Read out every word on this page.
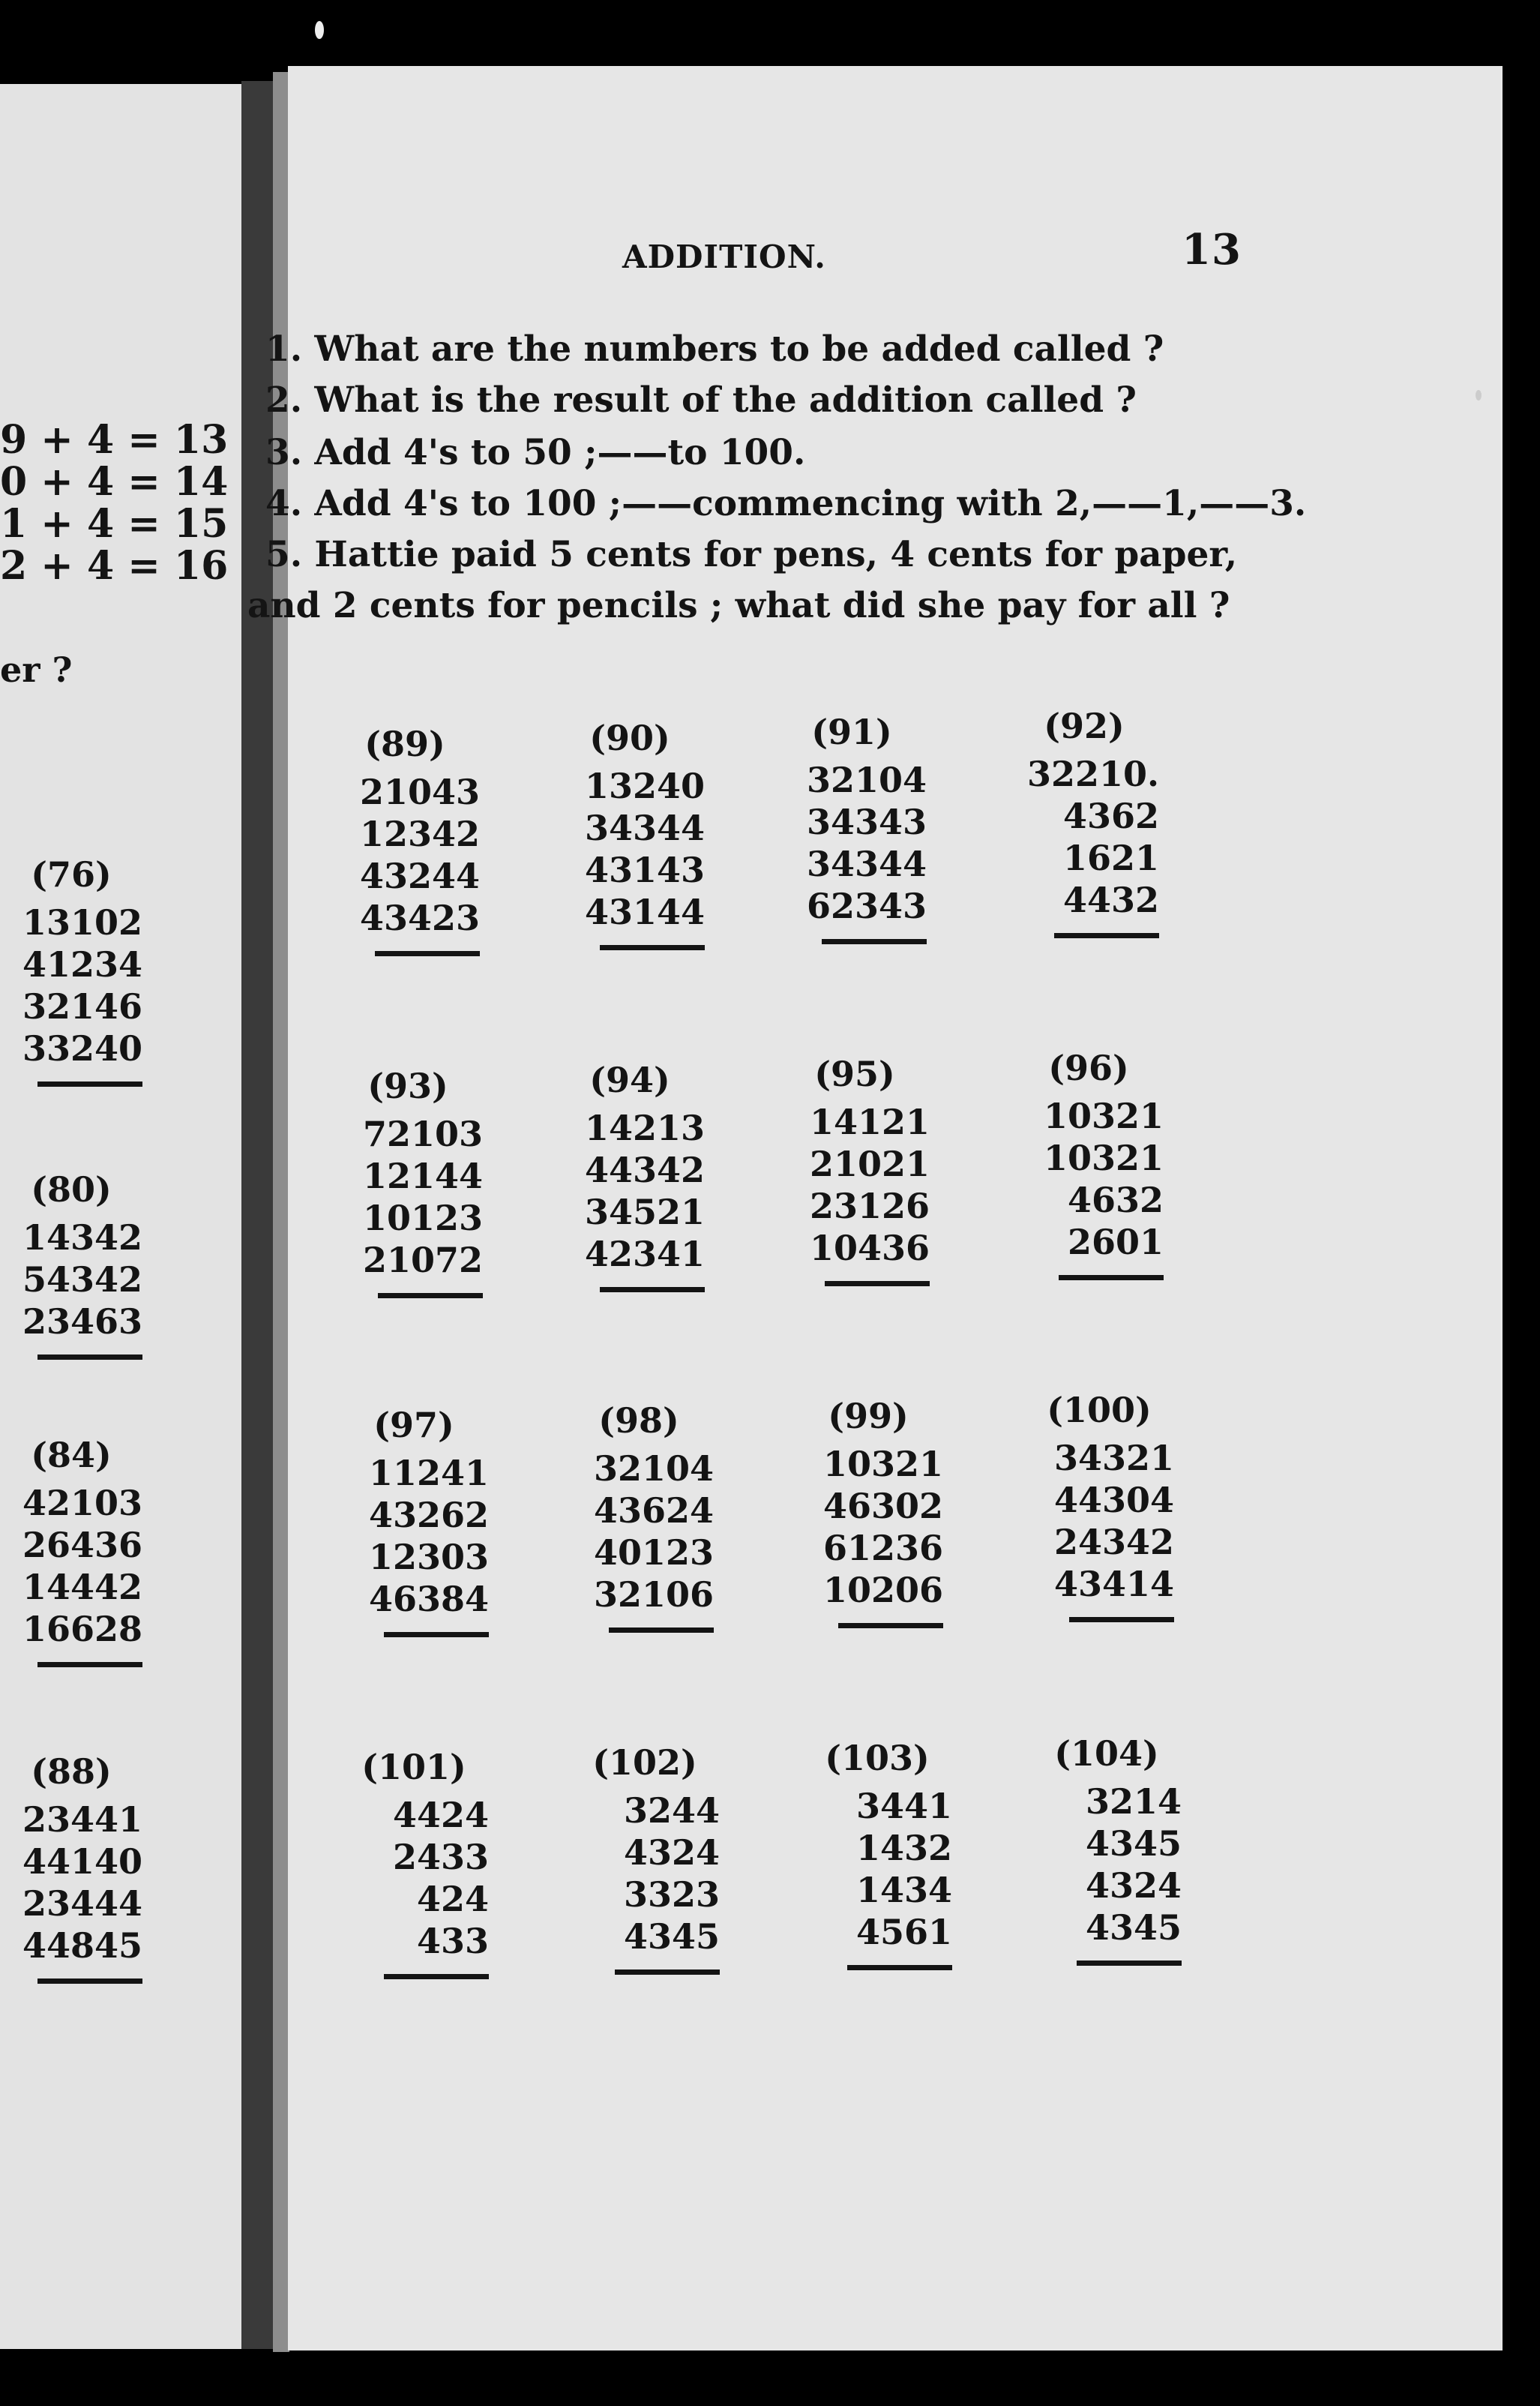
ADDITION.	13
1. What are the numbers to be added called ?
2. What is the result of the addition called ?
3. Add 4's to 50 ;——to 100.
4. Add 4's to 100 ;——commencing with 2,——1,——3.
5. Hattie paid 5 cents for pens, 4 cents for paper,
and 2 cents for pencils ; what did she pay for all ?
(89)
21043
12342
43244
43423
(90)
13240
34344
43143
43144
(91)
32104
34343
34344
62343
(92)
32210.
4362
1621
4432
(93)
72103
12144
10123
21072
(94)
14213
44342
34521
42341
(95)
14121
21021
23126
10436
(96)
10321
10321
4632
2601
(97)
11241
43262
12303
46384
(98)
32104
43624
40123
32106
(99)
10321
46302
61236
10206
(100)
34321
44304
24342
43414
(101)
4424
2433
424
433
(102)
3244
4324
3323
4345
(103)
3441
1432
1434
4561
(104)
3214
4345
4324
4345
9 + 4 = 13
0 + 4 = 14
1 + 4 = 15
2 + 4 = 16
er ?
(76)
13102
41234
32146
33240
(80)
14342
54342
23463
(84)
42103
26436
14442
16628
(88)
23441
44140
23444
44845
